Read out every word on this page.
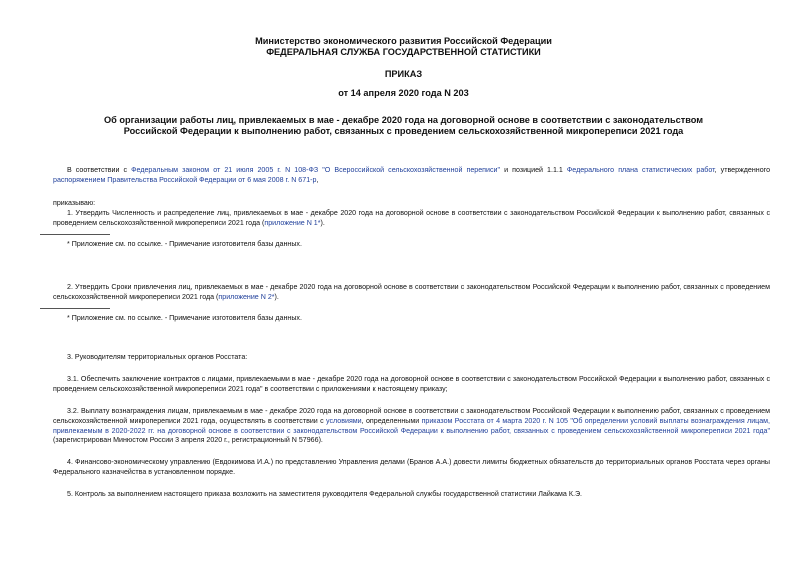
Министерство экономического развития Российской Федерации
ФЕДЕРАЛЬНАЯ СЛУЖБА ГОСУДАРСТВЕННОЙ СТАТИСТИКИ
ПРИКАЗ
от 14 апреля 2020 года N 203
Об организации работы лиц, привлекаемых в мае - декабре 2020 года на договорной основе в соответствии с законодательством Российской Федерации к выполнению работ, связанных с проведением сельскохозяйственной микропереписи 2021 года
В соответствии с Федеральным законом от 21 июля 2005 г. N 108-ФЗ "О Всероссийской сельскохозяйственной переписи" и позицией 1.1.1 Федерального плана статистических работ, утвержденного распоряжением Правительства Российской Федерации от 6 мая 2008 г. N 671-р,
приказываю:
1. Утвердить Численность и распределение лиц, привлекаемых в мае - декабре 2020 года на договорной основе в соответствии с законодательством Российской Федерации к выполнению работ, связанных с проведением сельскохозяйственной микропереписи 2021 года (приложение N 1*).
* Приложение см. по ссылке. - Примечание изготовителя базы данных.
2. Утвердить Сроки привлечения лиц, привлекаемых в мае - декабре 2020 года на договорной основе в соответствии с законодательством Российской Федерации к выполнению работ, связанных с проведением сельскохозяйственной микропереписи 2021 года (приложение N 2*).
* Приложение см. по ссылке. - Примечание изготовителя базы данных.
3. Руководителям территориальных органов Росстата:
3.1. Обеспечить заключение контрактов с лицами, привлекаемыми в мае - декабре 2020 года на договорной основе в соответствии с законодательством Российской Федерации к выполнению работ, связанных с проведением сельскохозяйственной микропереписи 2021 года" в соответствии с приложениями к настоящему приказу;
3.2. Выплату вознаграждения лицам, привлекаемым в мае - декабре 2020 года на договорной основе в соответствии с законодательством Российской Федерации к выполнению работ, связанных с проведением сельскохозяйственной микропереписи 2021 года, осуществлять в соответствии с условиями, определенными приказом Росстата от 4 марта 2020 г. N 105 "Об определении условий выплаты вознаграждения лицам, привлекаемым в 2020-2022 гг. на договорной основе в соответствии с законодательством Российской Федерации к выполнению работ, связанных с проведением сельскохозяйственной микропереписи 2021 года" (зарегистрирован Минюстом России 3 апреля 2020 г., регистрационный N 57966).
4. Финансово-экономическому управлению (Евдокимова И.А.) по представлению Управления делами (Бранов А.А.) довести лимиты бюджетных обязательств до территориальных органов Росстата через органы Федерального казначейства в установленном порядке.
5. Контроль за выполнением настоящего приказа возложить на заместителя руководителя Федеральной службы государственной статистики Лайкама К.Э.
